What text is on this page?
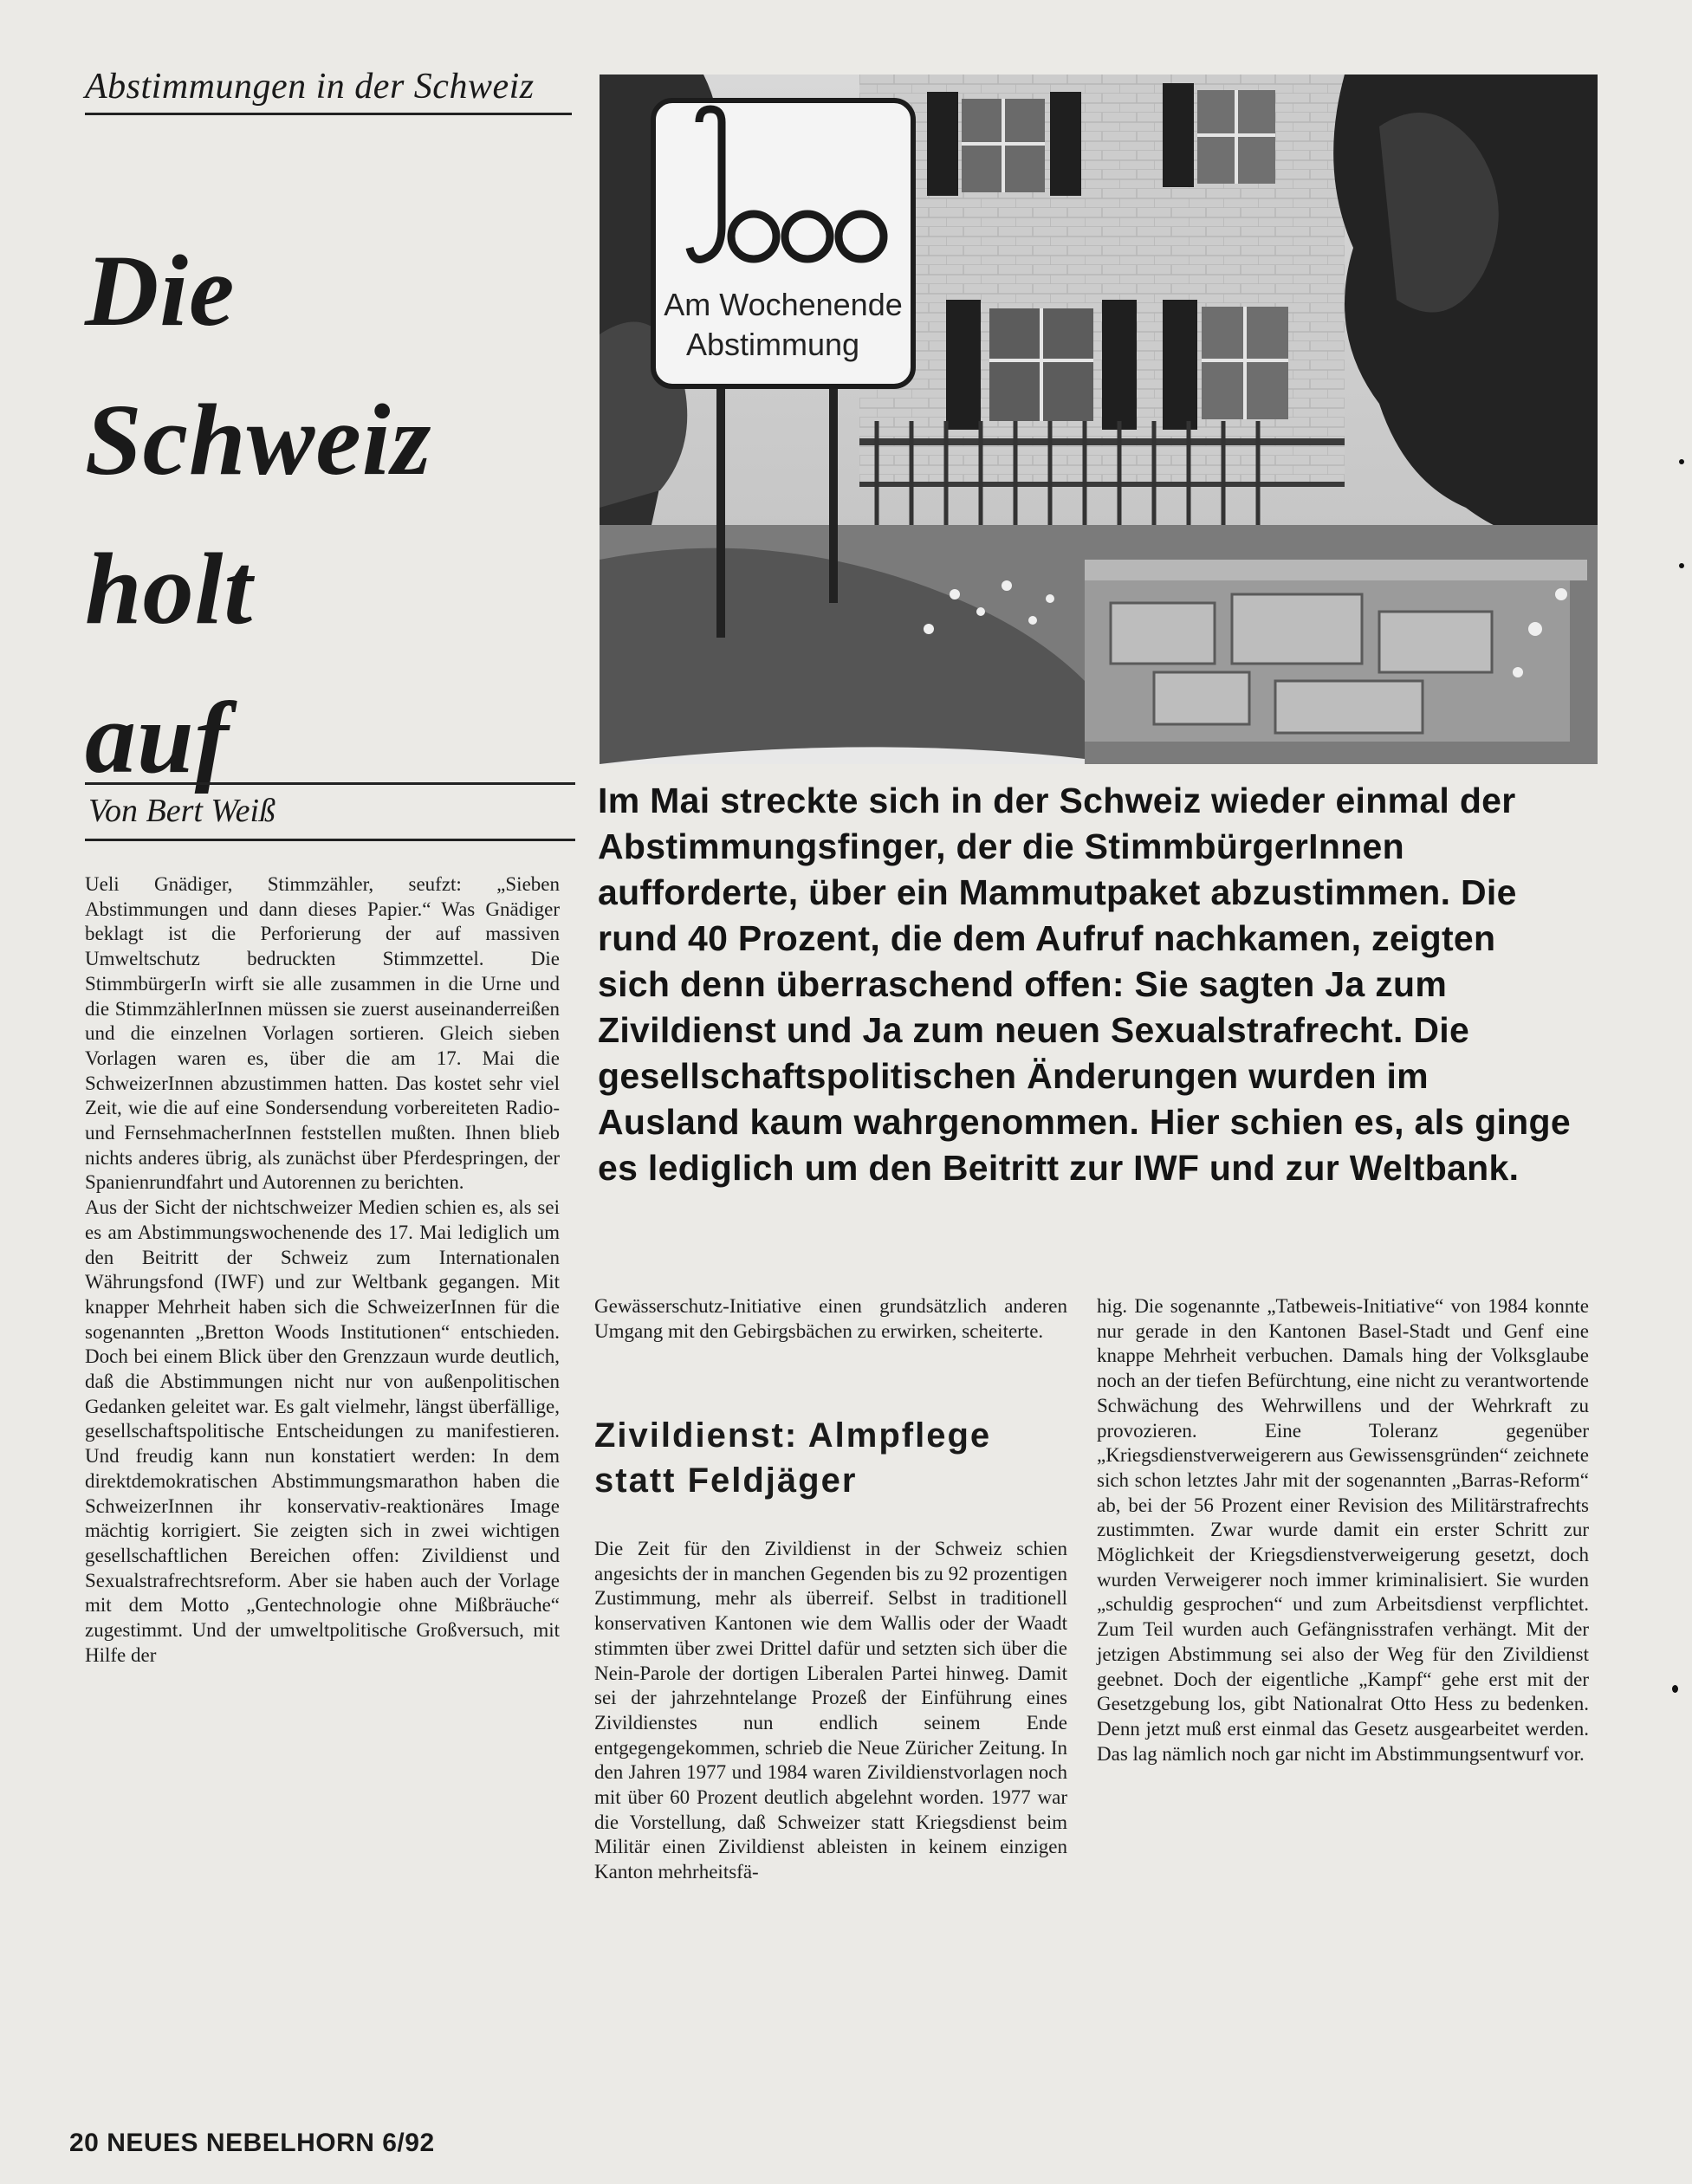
Abstimmungen in der Schweiz
Die
Schweiz
holt
auf
Am Wochenende
Abstimmung
Von Bert Weiß	Im Mai streckte sich in der Schweiz wieder einmal der Abstimmungsfinger, der die StimmbürgerInnen aufforderte, über ein Mammutpaket abzustimmen. Die rund 40 Prozent, die dem Aufruf nachkamen, zeigten sich denn überraschend offen: Sie sagten Ja zum Zivildienst und Ja zum neuen Sexualstrafrecht. Die gesellschaftspolitischen Änderungen wurden im Ausland kaum wahrgenommen. Hier schien es, als ginge es lediglich um den Beitritt zur IWF und zur Weltbank.

Ueli Gnädiger, Stimmzähler, seufzt: „Sieben Abstimmungen und dann dieses Papier.“ Was Gnädiger beklagt ist die Perforierung der auf massiven Umweltschutz bedruckten Stimmzettel. Die StimmbürgerIn wirft sie alle zusammen in die Urne und die StimmzählerInnen müssen sie zuerst auseinanderreißen und die einzelnen Vorlagen sortieren. Gleich sieben Vorlagen waren es, über die am 17. Mai die SchweizerInnen abzustimmen hatten. Das kostet sehr viel Zeit, wie die auf eine Sondersendung vorbereiteten Radio- und FernsehmacherInnen feststellen mußten. Ihnen blieb nichts anderes übrig, als zunächst über Pferdespringen, der Spanienrundfahrt und Autorennen zu berichten.

Aus der Sicht der nichtschweizer Medien schien es, als sei es am Abstimmungswochenende des 17. Mai lediglich um den Beitritt der Schweiz zum Internationalen Währungsfond (IWF) und zur Weltbank gegangen. Mit knapper Mehrheit haben sich die SchweizerInnen für die sogenannten „Bretton Woods Institutionen“ entschieden. Doch bei einem Blick über den Grenzzaun wurde deutlich, daß die Abstimmungen nicht nur von außenpolitischen Gedanken geleitet war. Es galt vielmehr, längst überfällige, gesellschaftspolitische Entscheidungen zu manifestieren. Und freudig kann nun konstatiert werden: In dem direktdemokratischen Abstimmungsmarathon haben die SchweizerInnen ihr konservativ-reaktionäres Image mächtig korrigiert. Sie zeigten sich in zwei wichtigen gesellschaftlichen Bereichen offen: Zivildienst und Sexualstrafrechtsreform. Aber sie haben auch der Vorlage mit dem Motto „Gentechnologie ohne Mißbräuche“ zugestimmt. Und der umweltpolitische Großversuch, mit Hilfe der

Gewässerschutz-Initiative einen grundsätzlich anderen Umgang mit den Gebirgsbächen zu erwirken, scheiterte.

Zivildienst: Almpflege statt Feldjäger

Die Zeit für den Zivildienst in der Schweiz schien angesichts der in manchen Gegenden bis zu 92 prozentigen Zustimmung, mehr als überreif. Selbst in traditionell konservativen Kantonen wie dem Wallis oder der Waadt stimmten über zwei Drittel dafür und setzten sich über die Nein-Parole der dortigen Liberalen Partei hinweg. Damit sei der jahrzehntelange Prozeß der Einführung eines Zivildienstes nun endlich seinem Ende entgegengekommen, schrieb die Neue Züricher Zeitung. In den Jahren 1977 und 1984 waren Zivildienstvorlagen noch mit über 60 Prozent deutlich abgelehnt worden. 1977 war die Vorstellung, daß Schweizer statt Kriegsdienst beim Militär einen Zivildienst ableisten in keinem einzigen Kanton mehrheitsfä-

hig. Die sogenannte „Tatbeweis-Initiative“ von 1984 konnte nur gerade in den Kantonen Basel-Stadt und Genf eine knappe Mehrheit verbuchen. Damals hing der Volksglaube noch an der tiefen Befürchtung, eine nicht zu verantwortende Schwächung des Wehrwillens und der Wehrkraft zu provozieren. Eine Toleranz gegenüber „Kriegsdienstverweigerern aus Gewissensgründen“ zeichnete sich schon letztes Jahr mit der sogenannten „Barras-Reform“ ab, bei der 56 Prozent einer Revision des Militärstrafrechts zustimmten. Zwar wurde damit ein erster Schritt zur Möglichkeit der Kriegsdienstverweigerung gesetzt, doch wurden Verweigerer noch immer kriminalisiert. Sie wurden „schuldig gesprochen“ und zum Arbeitsdienst verpflichtet. Zum Teil wurden auch Gefängnisstrafen verhängt. Mit der jetzigen Abstimmung sei also der Weg für den Zivildienst geebnet. Doch der eigentliche „Kampf“ gehe erst mit der Gesetzgebung los, gibt Nationalrat Otto Hess zu bedenken. Denn jetzt muß erst einmal das Gesetz ausgearbeitet werden. Das lag nämlich noch gar nicht im Abstimmungsentwurf vor.

20 NEUES NEBELHORN 6/92
